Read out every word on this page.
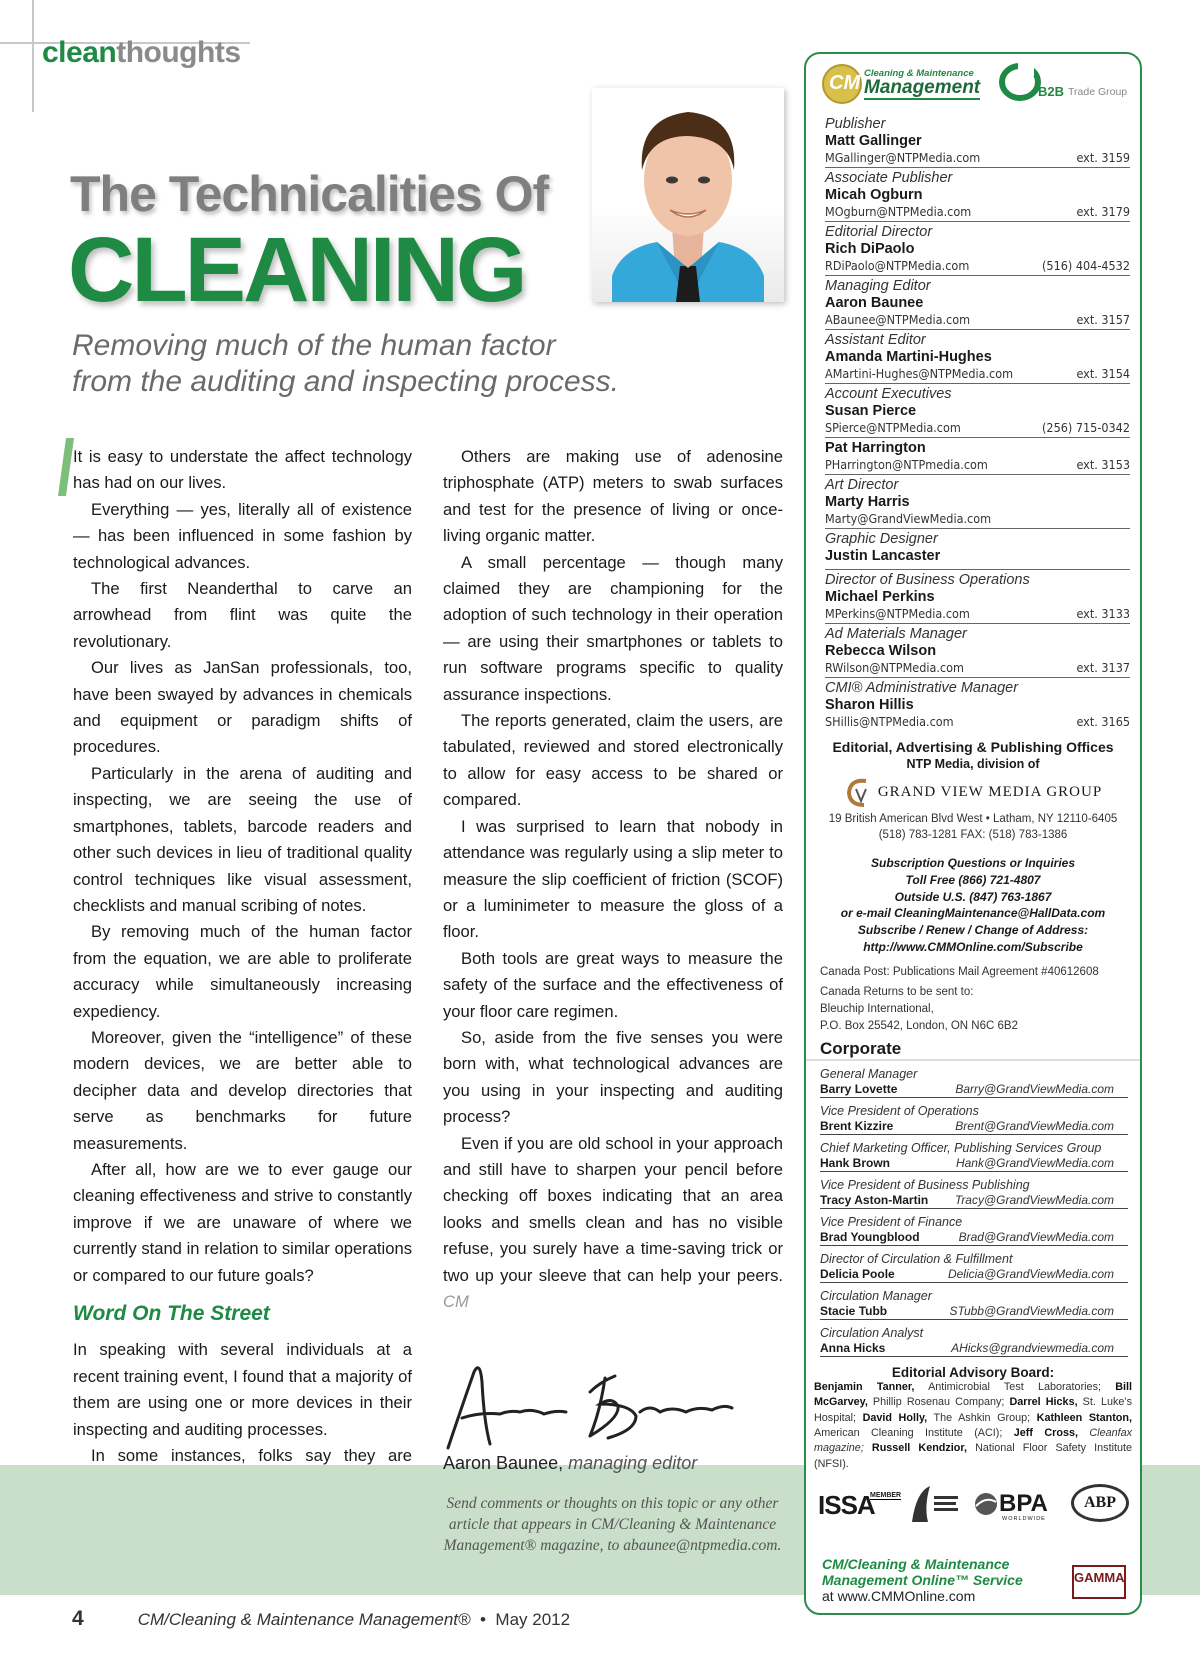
cleanthoughts
The Technicalities Of
CLEANING
Removing much of the human factor
from the auditing and inspecting process.

It is easy to understate the affect technology has had on our lives.

Everything — yes, literally all of existence — has been influenced in some fashion by technological advances.

The first Neanderthal to carve an arrowhead from flint was quite the revolutionary.

Our lives as JanSan professionals, too, have been swayed by advances in chemicals and equipment or paradigm shifts of procedures.

Particularly in the arena of auditing and inspecting, we are seeing the use of smartphones, tablets, barcode readers and other such devices in lieu of traditional quality control techniques like visual assessment, checklists and manual scribing of notes.

By removing much of the human factor from the equation, we are able to proliferate accuracy while simultaneously increasing expediency.

Moreover, given the “intelligence” of these modern devices, we are better able to decipher data and develop directories that serve as benchmarks for future measurements.

After all, how are we to ever gauge our cleaning effectiveness and strive to constantly improve if we are unaware of where we currently stand in relation to similar operations or compared to our future goals?

Word On The Street

In speaking with several individuals at a recent training event, I found that a majority of them are using one or more devices in their inspecting and auditing processes.

In some instances, folks say they are

Others are making use of adenosine triphosphate (ATP) meters to swab surfaces and test for the presence of living or once-living organic matter.

A small percentage — though many claimed they are championing for the adoption of such technology in their operation — are using their smartphones or tablets to run software programs specific to quality assurance inspections.

The reports generated, claim the users, are tabulated, reviewed and stored electronically to allow for easy access to be shared or compared.

I was surprised to learn that nobody in attendance was regularly using a slip meter to measure the slip coefficient of friction (SCOF) or a luminimeter to measure the gloss of a floor.

Both tools are great ways to measure the safety of the surface and the effectiveness of your floor care regimen.

So, aside from the five senses you were born with, what technological advances are you using in your inspecting and auditing process?

Even if you are old school in your approach and still have to sharpen your pencil before checking off boxes indicating that an area looks and smells clean and has no visible refuse, you surely have a time-saving trick or two up your sleeve that can help your peers. CM

Aaron Baunee, managing editor
Send comments or thoughts on this topic or any other article that appears in CM/Cleaning & Maintenance Management® magazine, to abaunee@ntpmedia.com.
4	CM/Cleaning & Maintenance Management® • May 2012
CM Cleaning & Maintenance
Management	B2B Trade Group
Publisher
Matt Gallinger
MGallinger@NTPMedia.com	ext. 3159
Associate Publisher
Micah Ogburn
MOgburn@NTPMedia.com	ext. 3179
Editorial Director
Rich DiPaolo
RDiPaolo@NTPMedia.com	(516) 404-4532
Managing Editor
Aaron Baunee
ABaunee@NTPMedia.com	ext. 3157
Assistant Editor
Amanda Martini-Hughes
AMartini-Hughes@NTPMedia.com	ext. 3154
Account Executives
Susan Pierce
SPierce@NTPMedia.com	(256) 715-0342
Pat Harrington
PHarrington@NTPmedia.com	ext. 3153
Art Director
Marty Harris
Marty@GrandViewMedia.com
Graphic Designer
Justin Lancaster
Director of Business Operations
Michael Perkins
MPerkins@NTPMedia.com	ext. 3133
Ad Materials Manager
Rebecca Wilson
RWilson@NTPMedia.com	ext. 3137
CMI® Administrative Manager
Sharon Hillis
SHillis@NTPMedia.com	ext. 3165
Editorial, Advertising & Publishing Offices
NTP Media, division of
GRAND VIEW MEDIA GROUP
19 British American Blvd West • Latham, NY 12110-6405
(518) 783-1281 FAX: (518) 783-1386
Subscription Questions or Inquiries
Toll Free (866) 721-4807
Outside U.S. (847) 763-1867
or e-mail CleaningMaintenance@HallData.com
Subscribe / Renew / Change of Address:
http://www.CMMOnline.com/Subscribe
Canada Post: Publications Mail Agreement #40612608
Canada Returns to be sent to:
Bleuchip International,
P.O. Box 25542, London, ON N6C 6B2
Corporate
General Manager
Barry Lovette	Barry@GrandViewMedia.com
Vice President of Operations
Brent Kizzire	Brent@GrandViewMedia.com
Chief Marketing Officer, Publishing Services Group
Hank Brown	Hank@GrandViewMedia.com
Vice President of Business Publishing
Tracy Aston-Martin Tracy@GrandViewMedia.com
Vice President of Finance
Brad Youngblood	Brad@GrandViewMedia.com
Director of Circulation & Fulfillment
Delicia Poole	Delicia@GrandViewMedia.com
Circulation Manager
Stacie Tubb	STubb@GrandViewMedia.com
Circulation Analyst
Anna Hicks	AHicks@grandviewmedia.com
Editorial Advisory Board:
Benjamin Tanner, Antimicrobial Test Laboratories; Bill McGarvey, Phillip Rosenau Company; Darrel Hicks, St. Luke’s Hospital; David Holly, The Ashkin Group; Kathleen Stanton, American Cleaning Institute (ACI); Jeff Cross, Cleanfax magazine; Russell Kendzior, National Floor Safety Institute (NFSI).
ISSA
MEMBER	BPA
WORLDWIDE
ABP
CM/Cleaning & Maintenance
Management Online™ Service
at www.CMMOnline.com
GAMMA
